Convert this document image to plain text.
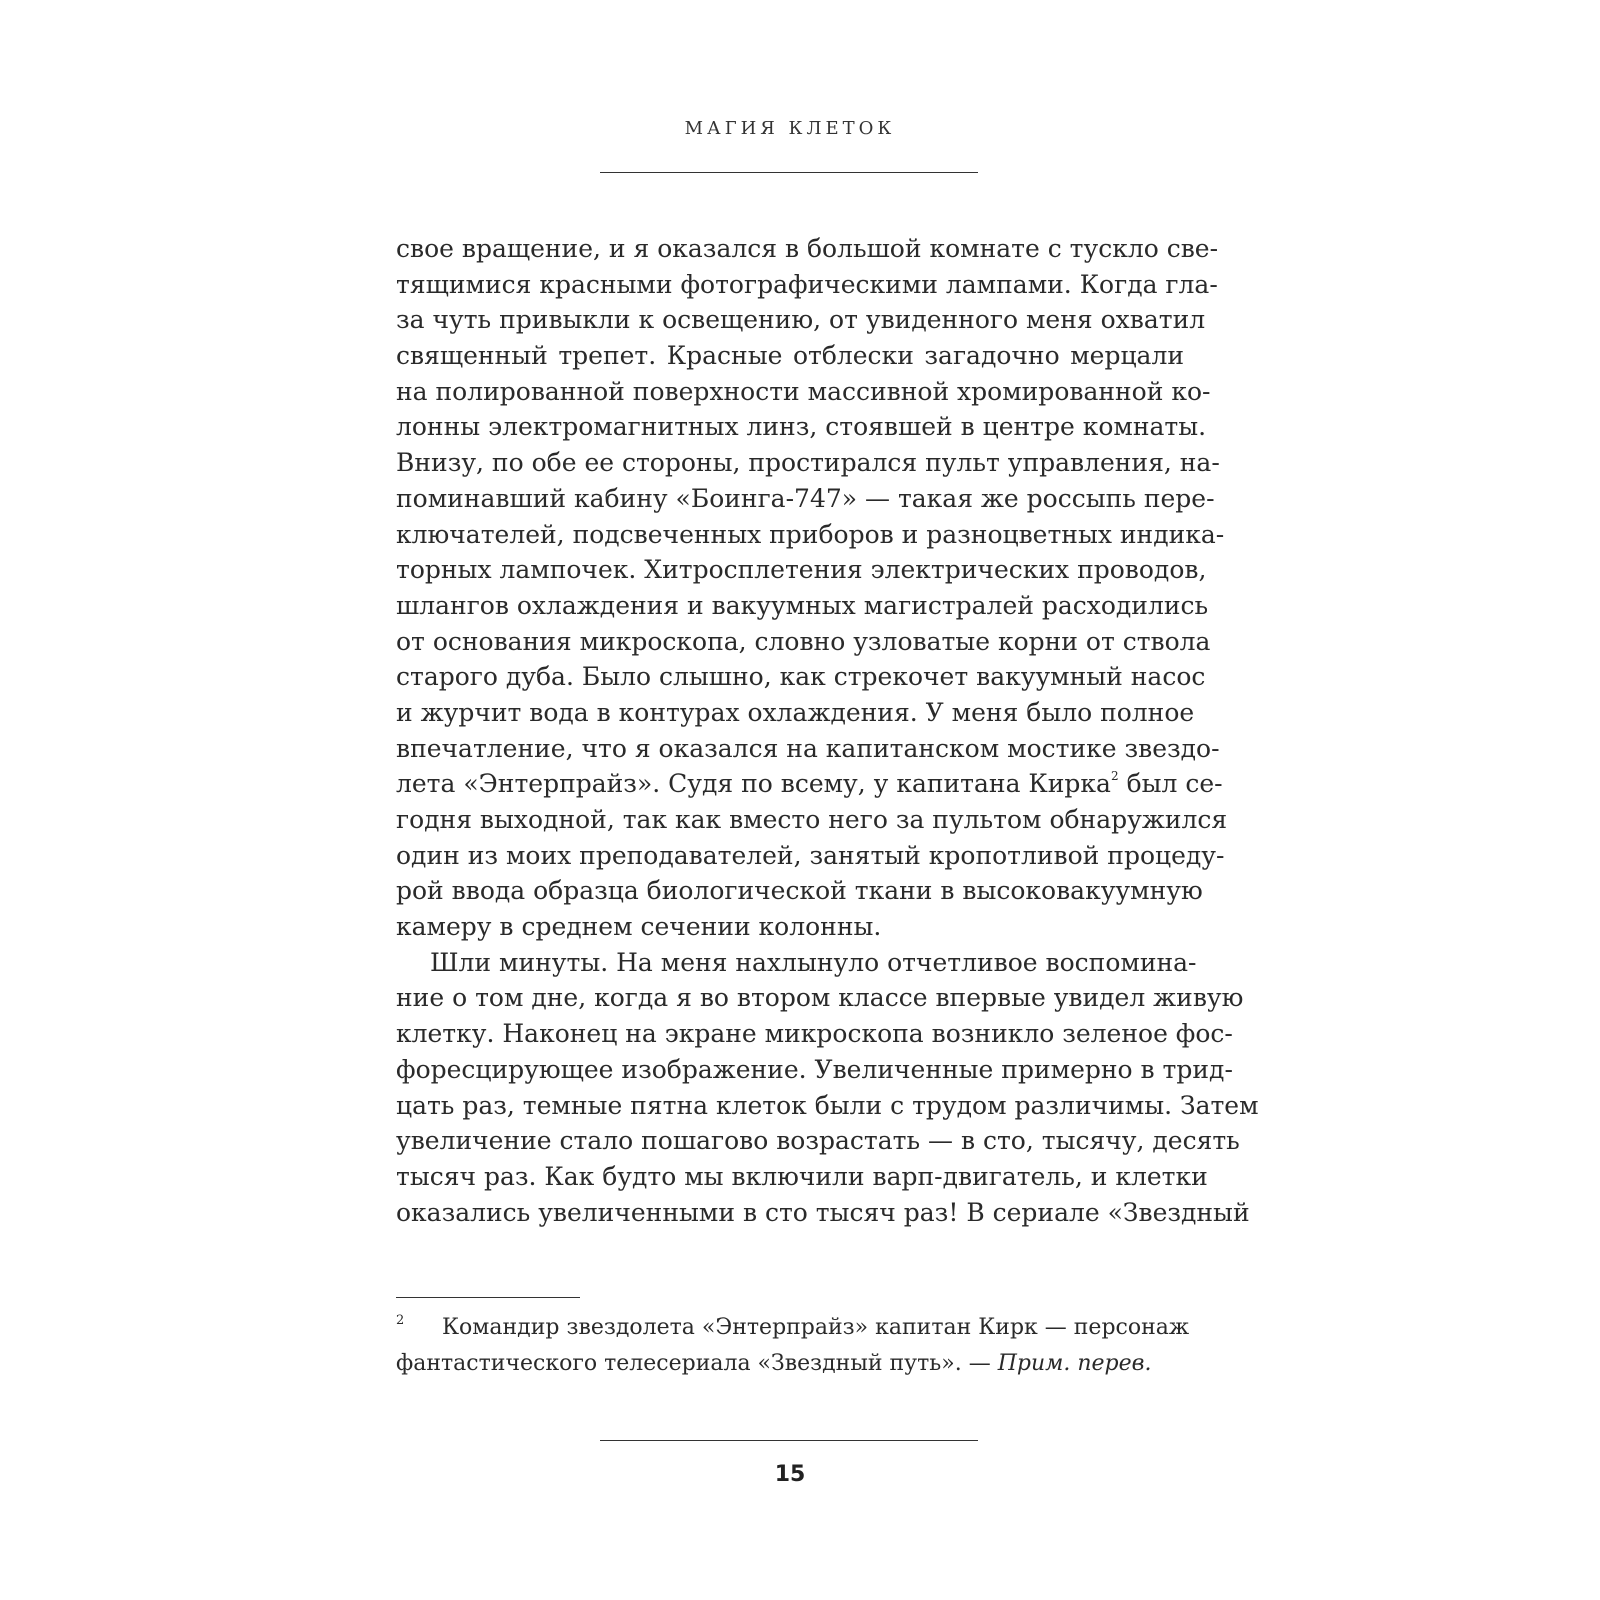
МАГИЯ КЛЕТОК
свое вращение, и я оказался в большой комнате с тускло све-
тящимися красными фотографическими лампами. Когда гла-
за чуть привыкли к освещению, от увиденного меня охватил
священный трепет. Красные отблески загадочно мерцали
на полированной поверхности массивной хромированной ко-
лонны электромагнитных линз, стоявшей в центре комнаты.
Внизу, по обе ее стороны, простирался пульт управления, на-
поминавший кабину «Боинга-747» — такая же россыпь пере-
ключателей, подсвеченных приборов и разноцветных индика-
торных лампочек. Хитросплетения электрических проводов,
шлангов охлаждения и вакуумных магистралей расходились
от основания микроскопа, словно узловатые корни от ствола
старого дуба. Было слышно, как стрекочет вакуумный насос
и журчит вода в контурах охлаждения. У меня было полное
впечатление, что я оказался на капитанском мостике звездо-
лета «Энтерпрайз». Судя по всему, у капитана Кирка$^2$ был се-
годня выходной, так как вместо него за пультом обнаружился
один из моих преподавателей, занятый кропотливой процеду-
рой ввода образца биологической ткани в высоковакуумную
камеру в среднем сечении колонны.
Шли минуты. На меня нахлынуло отчетливое воспомина-
ние о том дне, когда я во втором классе впервые увидел живую
клетку. Наконец на экране микроскопа возникло зеленое фос-
форесцирующее изображение. Увеличенные примерно в трид-
цать раз, темные пятна клеток были с трудом различимы. Затем
увеличение стало пошагово возрастать — в сто, тысячу, десять
тысяч раз. Как будто мы включили варп-двигатель, и клетки
оказались увеличенными в сто тысяч раз! В сериале «Звездный
2 Командир звездолета «Энтерпрайз» капитан Кирк — персонаж
фантастического телесериала «Звездный путь». — Прим. перев.
15
